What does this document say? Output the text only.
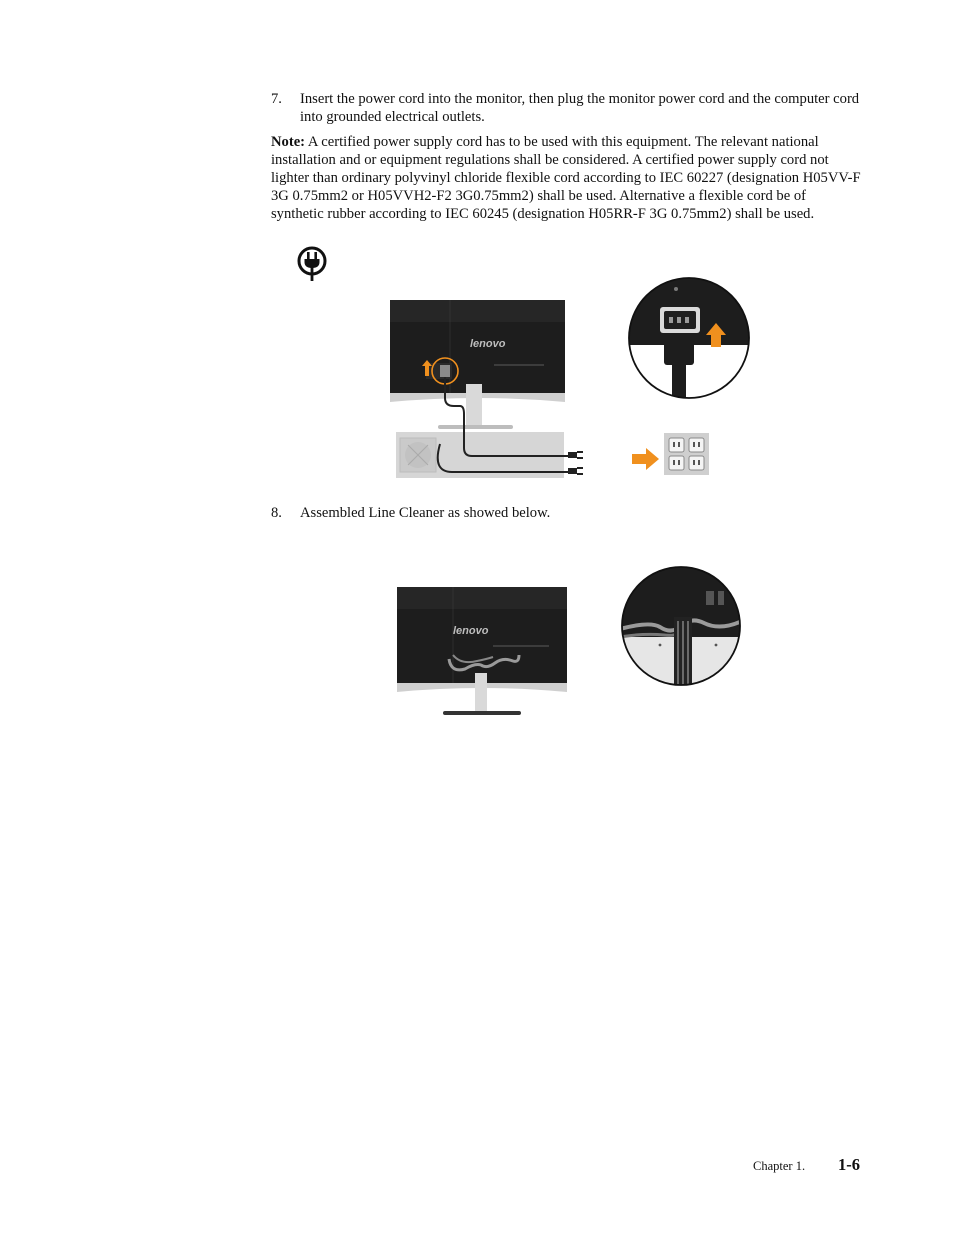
7. Insert the power cord into the monitor, then plug the monitor power cord and the computer cord into grounded electrical outlets.
Note: A certified power supply cord has to be used with this equipment. The relevant national installation and or equipment regulations shall be considered. A certified power supply cord not lighter than ordinary polyvinyl chloride flexible cord according to IEC 60227 (designation H05VV-F 3G 0.75mm2 or H05VVH2-F2 3G0.75mm2) shall be used. Alternative a flexible cord be of synthetic rubber according to IEC 60245 (designation H05RR-F 3G 0.75mm2) shall be used.
lenovo
8. Assembled Line Cleaner as showed below.
lenovo
Chapter 1. 1-6
